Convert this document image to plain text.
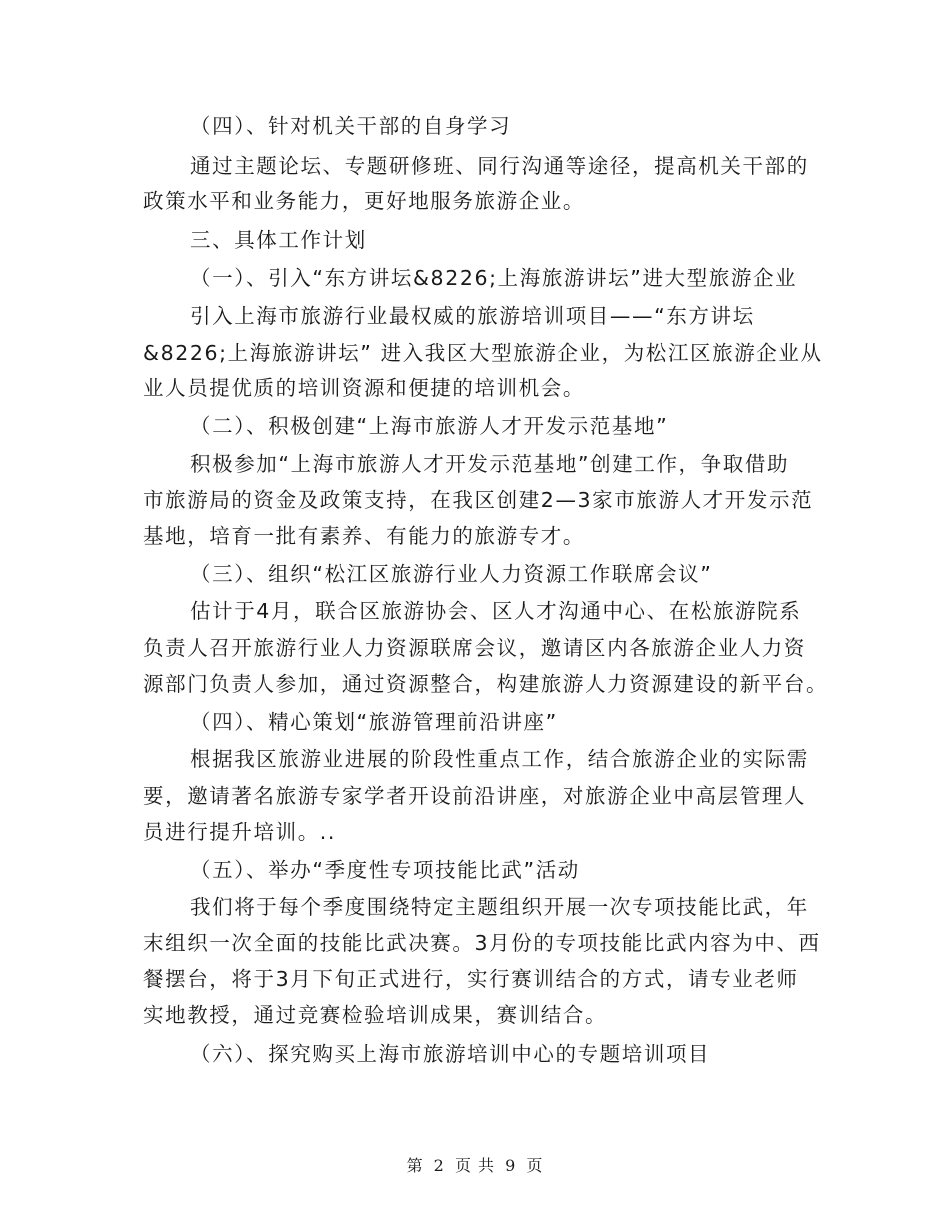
（四）、针对机关干部的自身学习
通过主题论坛、专题研修班、同行沟通等途径，提高机关干部的
政策水平和业务能力，更好地服务旅游企业。
三、具体工作计划
（一）、引入“东方讲坛&8226;上海旅游讲坛”进大型旅游企业
引入上海市旅游行业最权威的旅游培训项目——“东方讲坛
&8226;上海旅游讲坛” 进入我区大型旅游企业，为松江区旅游企业从
业人员提优质的培训资源和便捷的培训机会。
（二）、积极创建“上海市旅游人才开发示范基地”
积极参加“上海市旅游人才开发示范基地”创建工作，争取借助
市旅游局的资金及政策支持，在我区创建2—3家市旅游人才开发示范
基地，培育一批有素养、有能力的旅游专才。
（三）、组织“松江区旅游行业人力资源工作联席会议”
估计于4月，联合区旅游协会、区人才沟通中心、在松旅游院系
负责人召开旅游行业人力资源联席会议，邀请区内各旅游企业人力资
源部门负责人参加，通过资源整合，构建旅游人力资源建设的新平台。
（四）、精心策划“旅游管理前沿讲座”
根据我区旅游业进展的阶段性重点工作，结合旅游企业的实际需
要，邀请著名旅游专家学者开设前沿讲座，对旅游企业中高层管理人
员进行提升培训。..
（五）、举办“季度性专项技能比武”活动
我们将于每个季度围绕特定主题组织开展一次专项技能比武，年
末组织一次全面的技能比武决赛。3月份的专项技能比武内容为中、西
餐摆台，将于3月下旬正式进行，实行赛训结合的方式，请专业老师
实地教授，通过竞赛检验培训成果，赛训结合。
（六）、探究购买上海市旅游培训中心的专题培训项目
第 2 页 共 9 页
